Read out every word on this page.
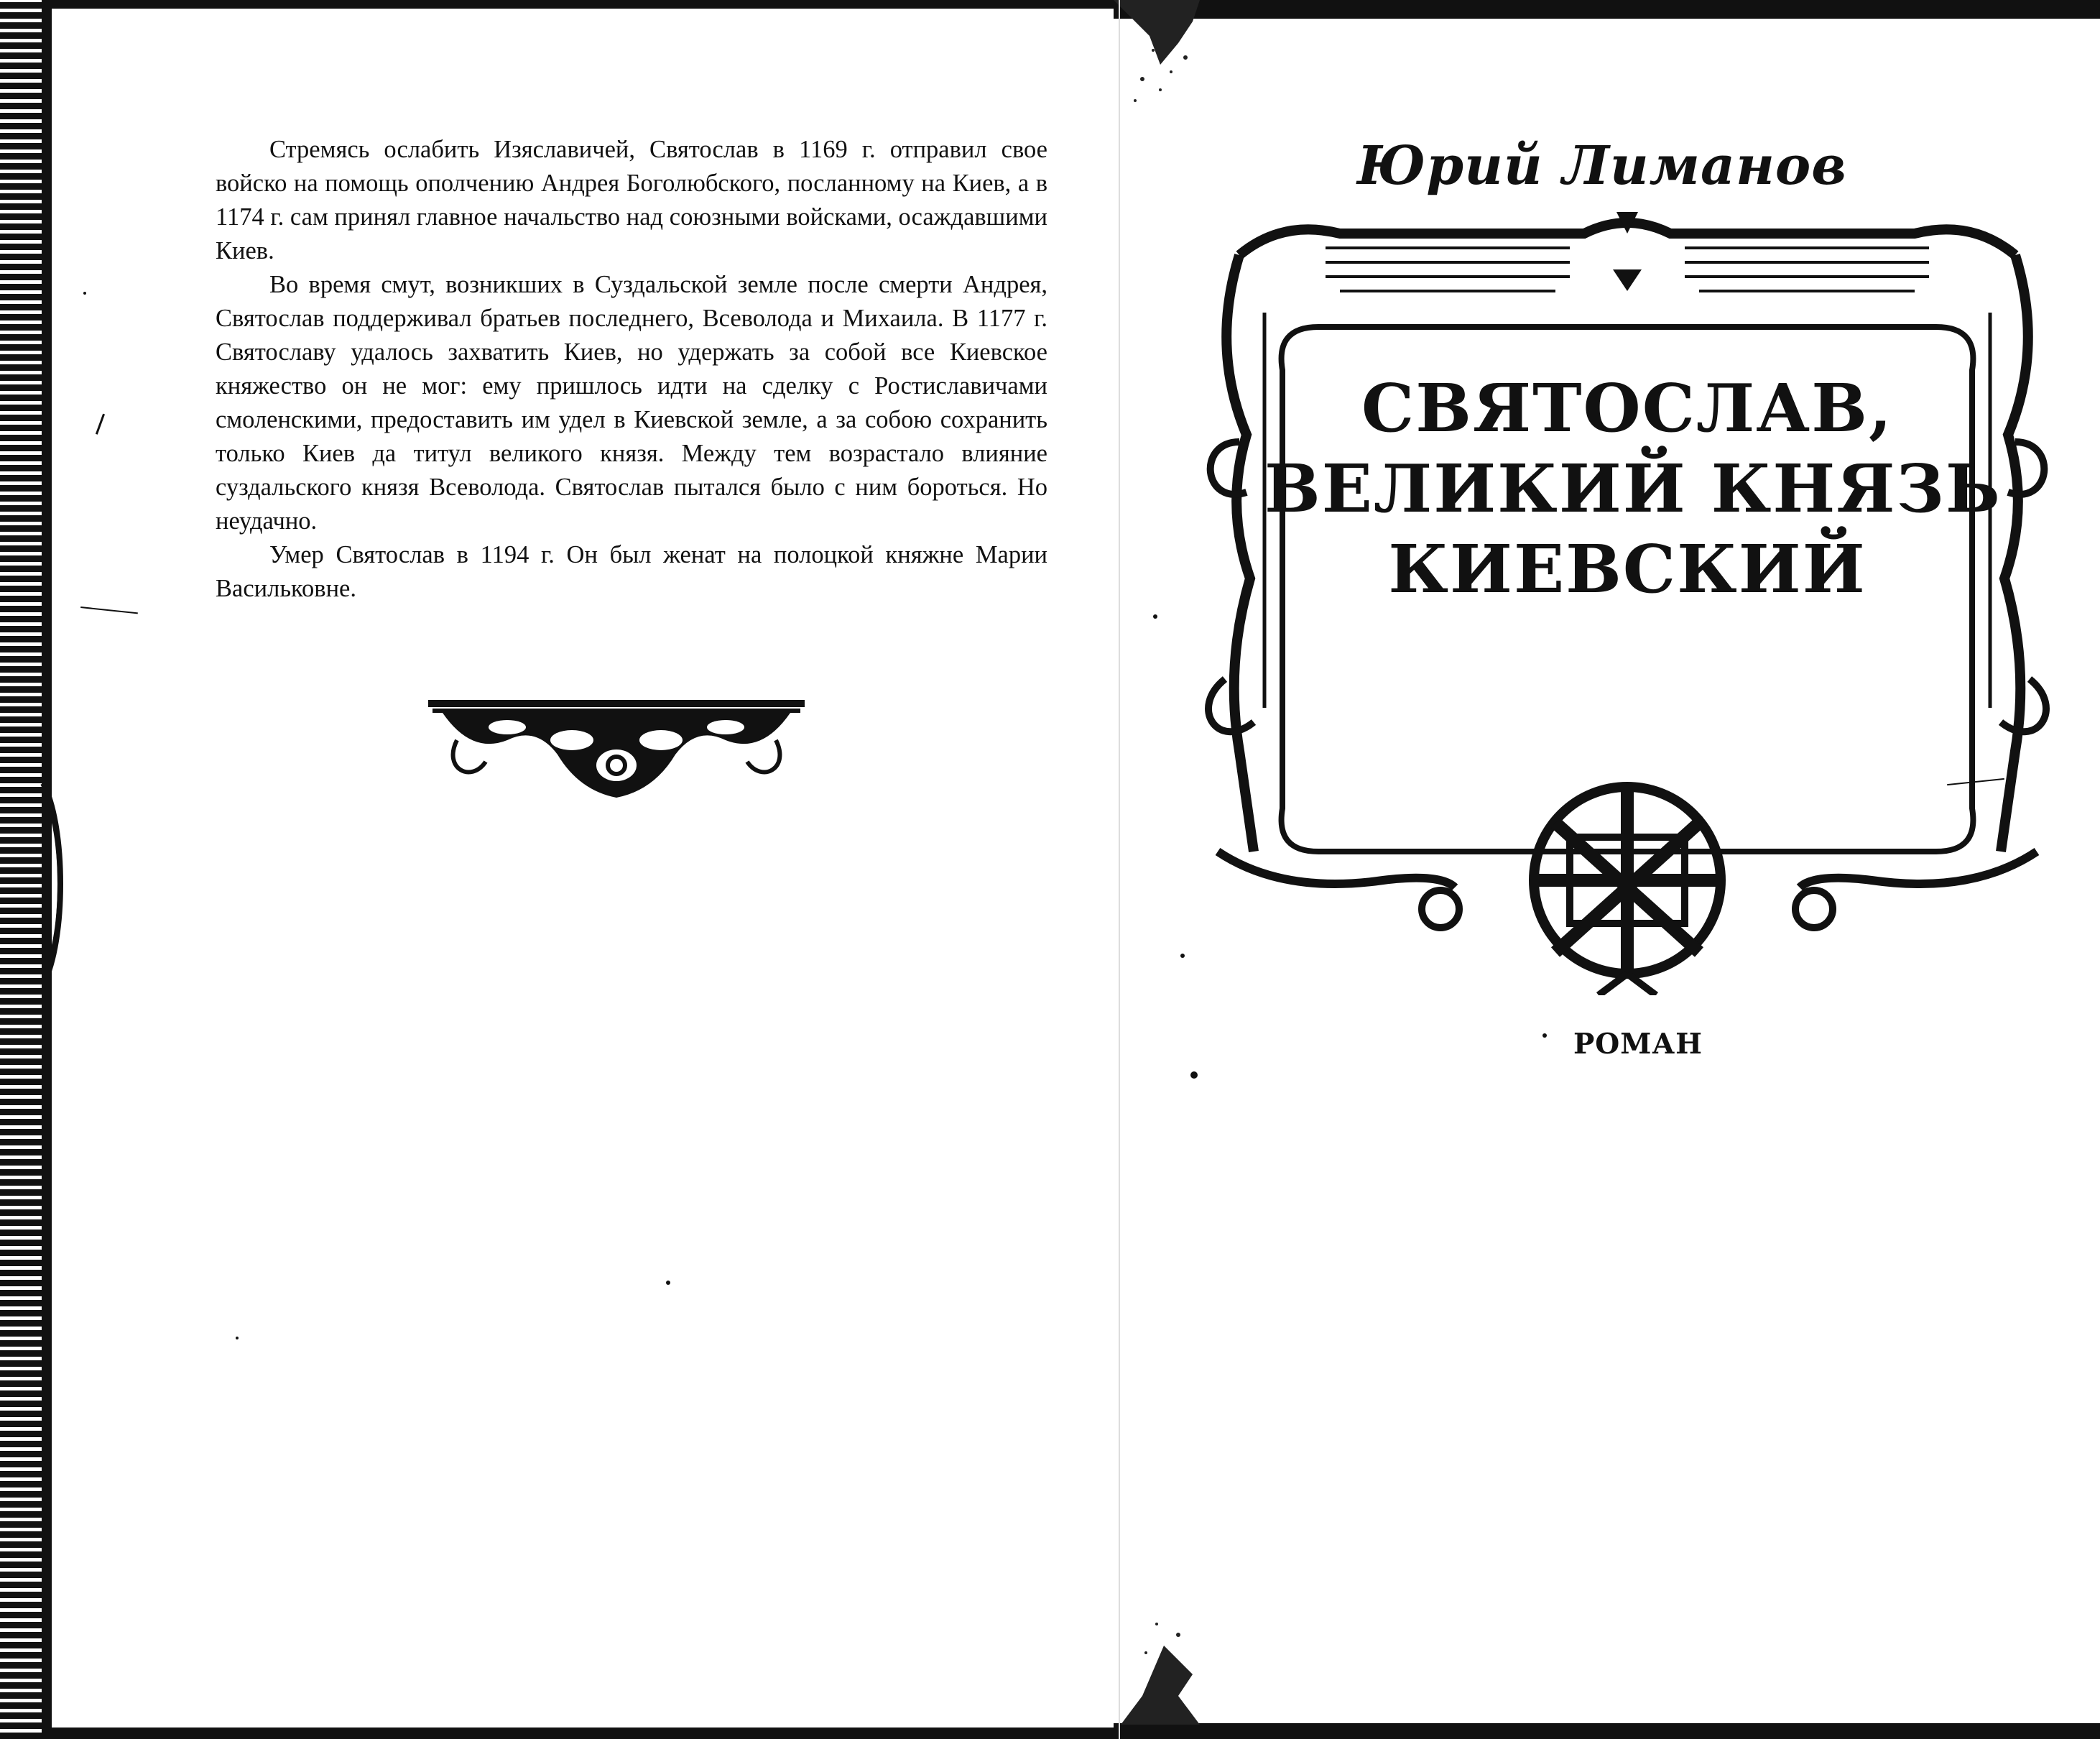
Стремясь ослабить Изяславичей, Святослав в 1169 г. отправил свое войско на помощь ополчению Андрея Боголюбского, посланному на Киев, а в 1174 г. сам принял главное начальство над союзными войсками, осаждавшими Киев.

Во время смут, возникших в Суздальской земле после смерти Андрея, Святослав поддерживал братьев последнего, Всеволода и Михаила. В 1177 г. Святославу удалось захватить Киев, но удержать за собой все Киевское княжество он не мог: ему пришлось идти на сделку с Ростиславичами смоленскими, предоставить им удел в Киевской земле, а за собою сохранить только Киев да титул великого князя. Между тем возрастало влияние суздальского князя Всеволода. Святослав пытался было с ним бороться. Но неудачно.

Умер Святослав в 1194 г. Он был женат на полоцкой княжне Марии Васильковне.

Юрий Лиманов
СВЯТОСЛАВ,
ВЕЛИКИЙ КНЯЗЬ
КИЕВСКИЙ
РОМАН
